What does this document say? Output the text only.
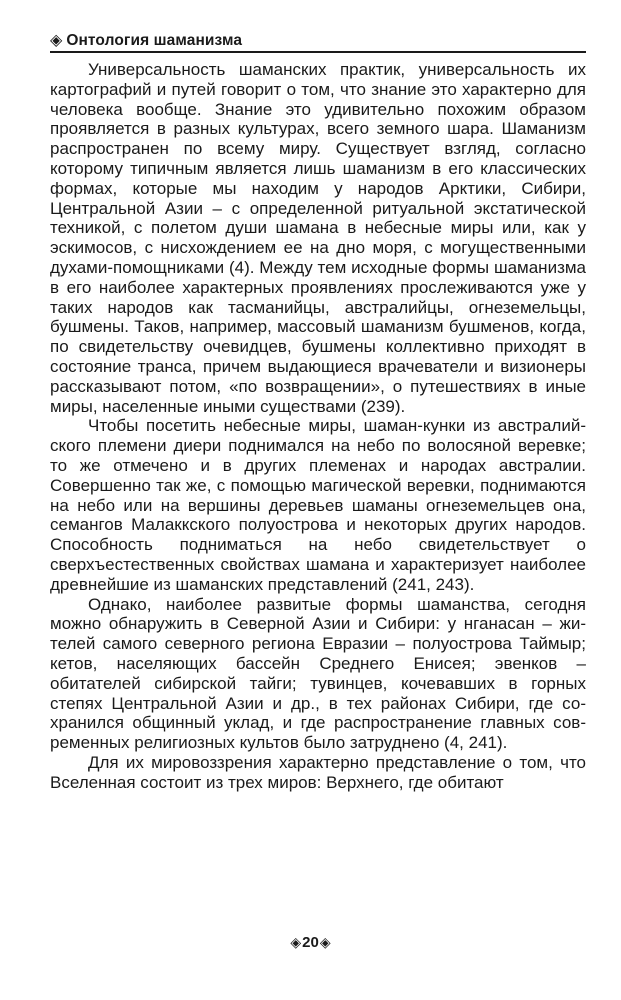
◈ Онтология шаманизма

Универсальность шаманских практик, универсальность их картографий и путей говорит о том, что знание это характерно для человека вообще. Знание это удивительно похожим образом проявляется в разных культурах, всего земного шара. Шаманизм распространен по всему миру. Существует взгляд, согласно которому типичным является лишь шаманизм в его классических формах, которые мы находим у народов Арктики, Сибири, Центральной Азии – с определенной ритуальной экстатической техникой, с полетом души шамана в небесные миры или, как у эскимосов, с нисхождением ее на дно моря, с могущественными духами-помощниками (4). Между тем исходные формы шаманизма в его наиболее характерных проявлениях прослеживаются уже у таких народов как тасманийцы, австралийцы, огнеземельцы, бушмены. Таков, например, массовый шаманизм бушменов, когда, по свидетельству очевидцев, бушмены коллективно приходят в состояние транса, причем выдающиеся врачеватели и визионеры рассказывают потом, «по возвращении», о путешествиях в иные миры, населенные иными существами (239).

Чтобы посетить небесные миры, шаман-кунки из австралийского племени диери поднимался на небо по волосяной веревке; то же отмечено и в других племенах и народах австралии. Совершенно так же, с помощью магической веревки, поднимаются на небо или на вершины деревьев шаманы огнеземельцев она, семангов Малаккского полуострова и некоторых других народов. Способность подниматься на небо свидетельствует о сверхъестественных свойствах шамана и характеризует наиболее древнейшие из шаманских представлений (241, 243).

Однако, наиболее развитые формы шаманства, сегодня можно обнаружить в Северной Азии и Сибири: у нганасан – жителей самого северного региона Евразии – полуострова Таймыр; кетов, населяющих бассейн Среднего Енисея; эвенков – обитателей сибирской тайги; тувинцев, кочевавших в горных степях Центральной Азии и др., в тех районах Сибири, где сохранился общинный уклад, и где распространение главных современных религиозных культов было затруднено (4, 241).

Для их мировоззрения характерно представление о том, что Вселенная состоит из трех миров: Верхнего, где обитают

◈ 20 ◈
